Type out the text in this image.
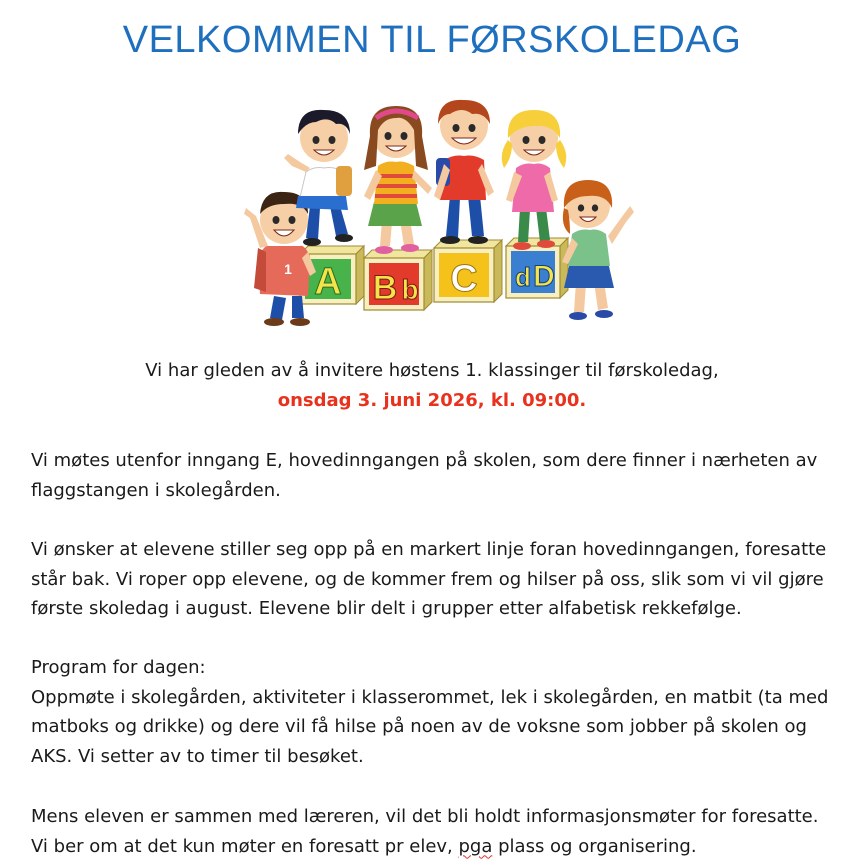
VELKOMMEN TIL FØRSKOLEDAG
A B b C d D
1
Vi har gleden av å invitere høstens 1. klassinger til førskoledag,
onsdag 3. juni 2026, kl. 09:00.

Vi møtes utenfor inngang E, hovedinngangen på skolen, som dere finner i nærheten av flaggstangen i skolegården.

Vi ønsker at elevene stiller seg opp på en markert linje foran hovedinngangen, foresatte står bak. Vi roper opp elevene, og de kommer frem og hilser på oss, slik som vi vil gjøre første skoledag i august. Elevene blir delt i grupper etter alfabetisk rekkefølge.

Program for dagen:
Oppmøte i skolegården, aktiviteter i klasserommet, lek i skolegården, en matbit (ta med matboks og drikke) og dere vil få hilse på noen av de voksne som jobber på skolen og AKS. Vi setter av to timer til besøket.

Mens eleven er sammen med læreren, vil det bli holdt informasjonsmøter for foresatte.
Vi ber om at det kun møter en foresatt pr elev, pga plass og organisering.
